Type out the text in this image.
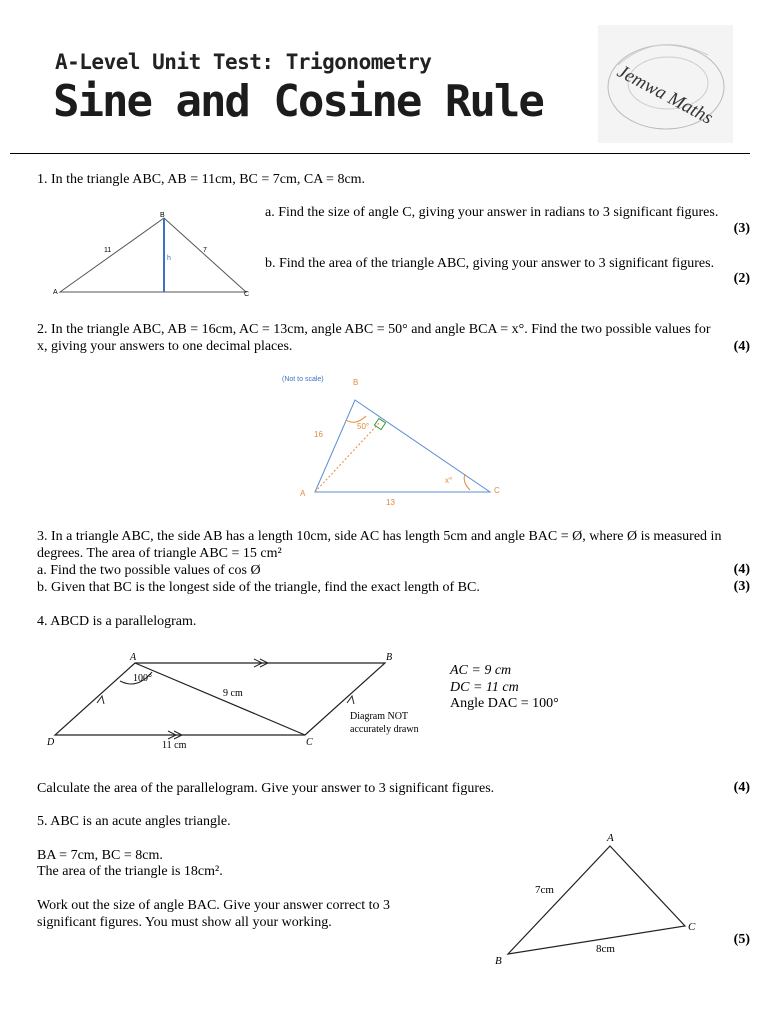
A-Level Unit Test: Trigonometry
Sine and Cosine Rule	Jemwa Maths
1. In the triangle ABC, AB = 11cm, BC = 7cm, CA = 8cm.
B
A	C
11	7
h
a. Find the size of angle C, giving your answer in radians to 3 significant figures.
(3)
b. Find the area of the triangle ABC, giving your answer to 3 significant figures.
(2)
2. In the triangle ABC, AB = 16cm, AC = 13cm, angle ABC = 50° and angle BCA = x°. Find the two possible values for x, giving your answers to one decimal places.	(4)
(Not to scale)	B
A	C
16
13
50°
x°
3. In a triangle ABC, the side AB has a length 10cm, side AC has length 5cm and angle BAC = Ø, where Ø is measured in degrees. The area of triangle ABC = 15 cm²
a. Find the two possible values of cos Ø	(4)
b. Given that BC is the longest side of the triangle, find the exact length of BC.	(3)
4. ABCD is a parallelogram.
A	B
C
D
100°
9 cm
11 cm
Diagram NOT
accurately drawn
AC = 9 cm
DC = 11 cm
Angle DAC = 100°
Calculate the area of the parallelogram. Give your answer to 3 significant figures.	(4)
5. ABC is an acute angles triangle.
BA = 7cm, BC = 8cm.
The area of the triangle is 18cm².
Work out the size of angle BAC. Give your answer correct to 3 significant figures. You must show all your working.
A
C
B
7cm
8cm
(5)
